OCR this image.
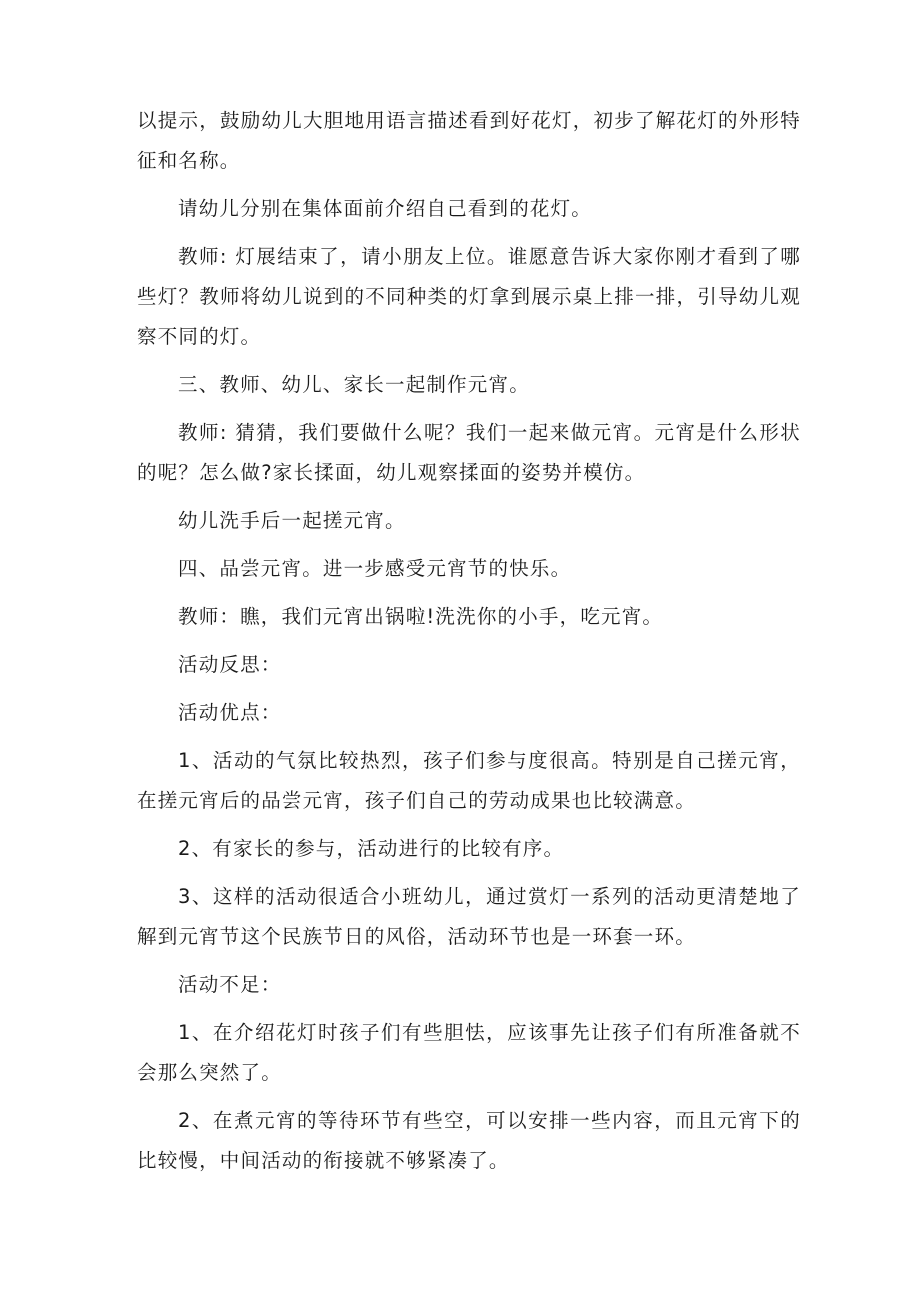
以提示，鼓励幼儿大胆地用语言描述看到好花灯，初步了解花灯的外形特征和名称。

请幼儿分别在集体面前介绍自己看到的花灯。

教师: 灯展结束了，请小朋友上位。谁愿意告诉大家你刚才看到了哪些灯？教师将幼儿说到的不同种类的灯拿到展示桌上排一排，引导幼儿观察不同的灯。

三、教师、幼儿、家长一起制作元宵。

教师: 猜猜，我们要做什么呢？我们一起来做元宵。元宵是什么形状的呢？怎么做?家长揉面，幼儿观察揉面的姿势并模仿。

幼儿洗手后一起搓元宵。

四、品尝元宵。进一步感受元宵节的快乐。

教师：瞧，我们元宵出锅啦!洗洗你的小手，吃元宵。

活动反思：

活动优点：

1、活动的气氛比较热烈，孩子们参与度很高。特别是自己搓元宵，在搓元宵后的品尝元宵，孩子们自己的劳动成果也比较满意。

2、有家长的参与，活动进行的比较有序。

3、这样的活动很适合小班幼儿，通过赏灯一系列的活动更清楚地了解到元宵节这个民族节日的风俗，活动环节也是一环套一环。

活动不足：

1、在介绍花灯时孩子们有些胆怯，应该事先让孩子们有所准备就不会那么突然了。

2、在煮元宵的等待环节有些空，可以安排一些内容，而且元宵下的比较慢，中间活动的衔接就不够紧凑了。
